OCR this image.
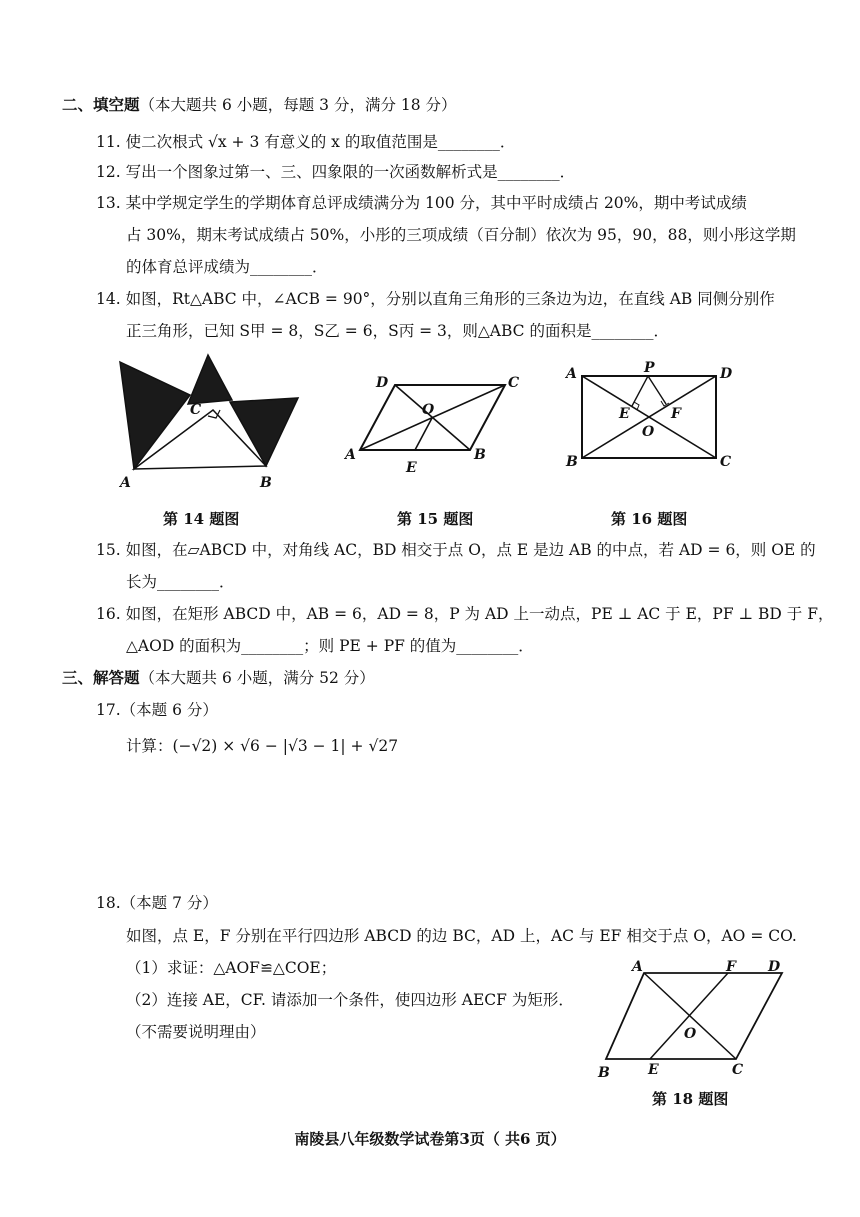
二、填空题（本大题共 6 小题，每题 3 分，满分 18 分）
11. 使二次根式 √x + 3 有意义的 x 的取值范围是________．
12. 写出一个图象过第一、三、四象限的一次函数解析式是________．
13. 某中学规定学生的学期体育总评成绩满分为 100 分，其中平时成绩占 20%，期中考试成绩
占 30%，期末考试成绩占 50%，小彤的三项成绩（百分制）依次为 95，90，88，则小彤这学期
的体育总评成绩为________．
14. 如图，Rt△ABC 中，∠ACB = 90°，分别以直角三角形的三条边为边，在直线 AB 同侧分别作
正三角形，已知 S甲 = 8，S乙 = 6，S丙 = 3，则△ABC 的面积是________．
A	B
C
第 14 题图
A	B
C
D
O
E
第 15 题图
A
B	C
D
P
E	F
O
第 16 题图
15. 如图，在▱ABCD 中，对角线 AC，BD 相交于点 O，点 E 是边 AB 的中点，若 AD = 6，则 OE 的
长为________．
16. 如图，在矩形 ABCD 中，AB = 6，AD = 8，P 为 AD 上一动点，PE ⊥ AC 于 E，PF ⊥ BD 于 F，
△AOD 的面积为________；则 PE + PF 的值为________．
三、解答题（本大题共 6 小题，满分 52 分）
17.（本题 6 分）
计算：(−√2) × √6 − |√3 − 1| + √27
18.（本题 7 分）
如图，点 E，F 分别在平行四边形 ABCD 的边 BC，AD 上，AC 与 EF 相交于点 O，AO = CO.
（1）求证：△AOF≌△COE；
（2）连接 AE，CF. 请添加一个条件，使四边形 AECF 为矩形．
（不需要说明理由）
A	F D
B	E	C
O
第 18 题图
南陵县八年级数学试卷第3页（ 共6 页）
